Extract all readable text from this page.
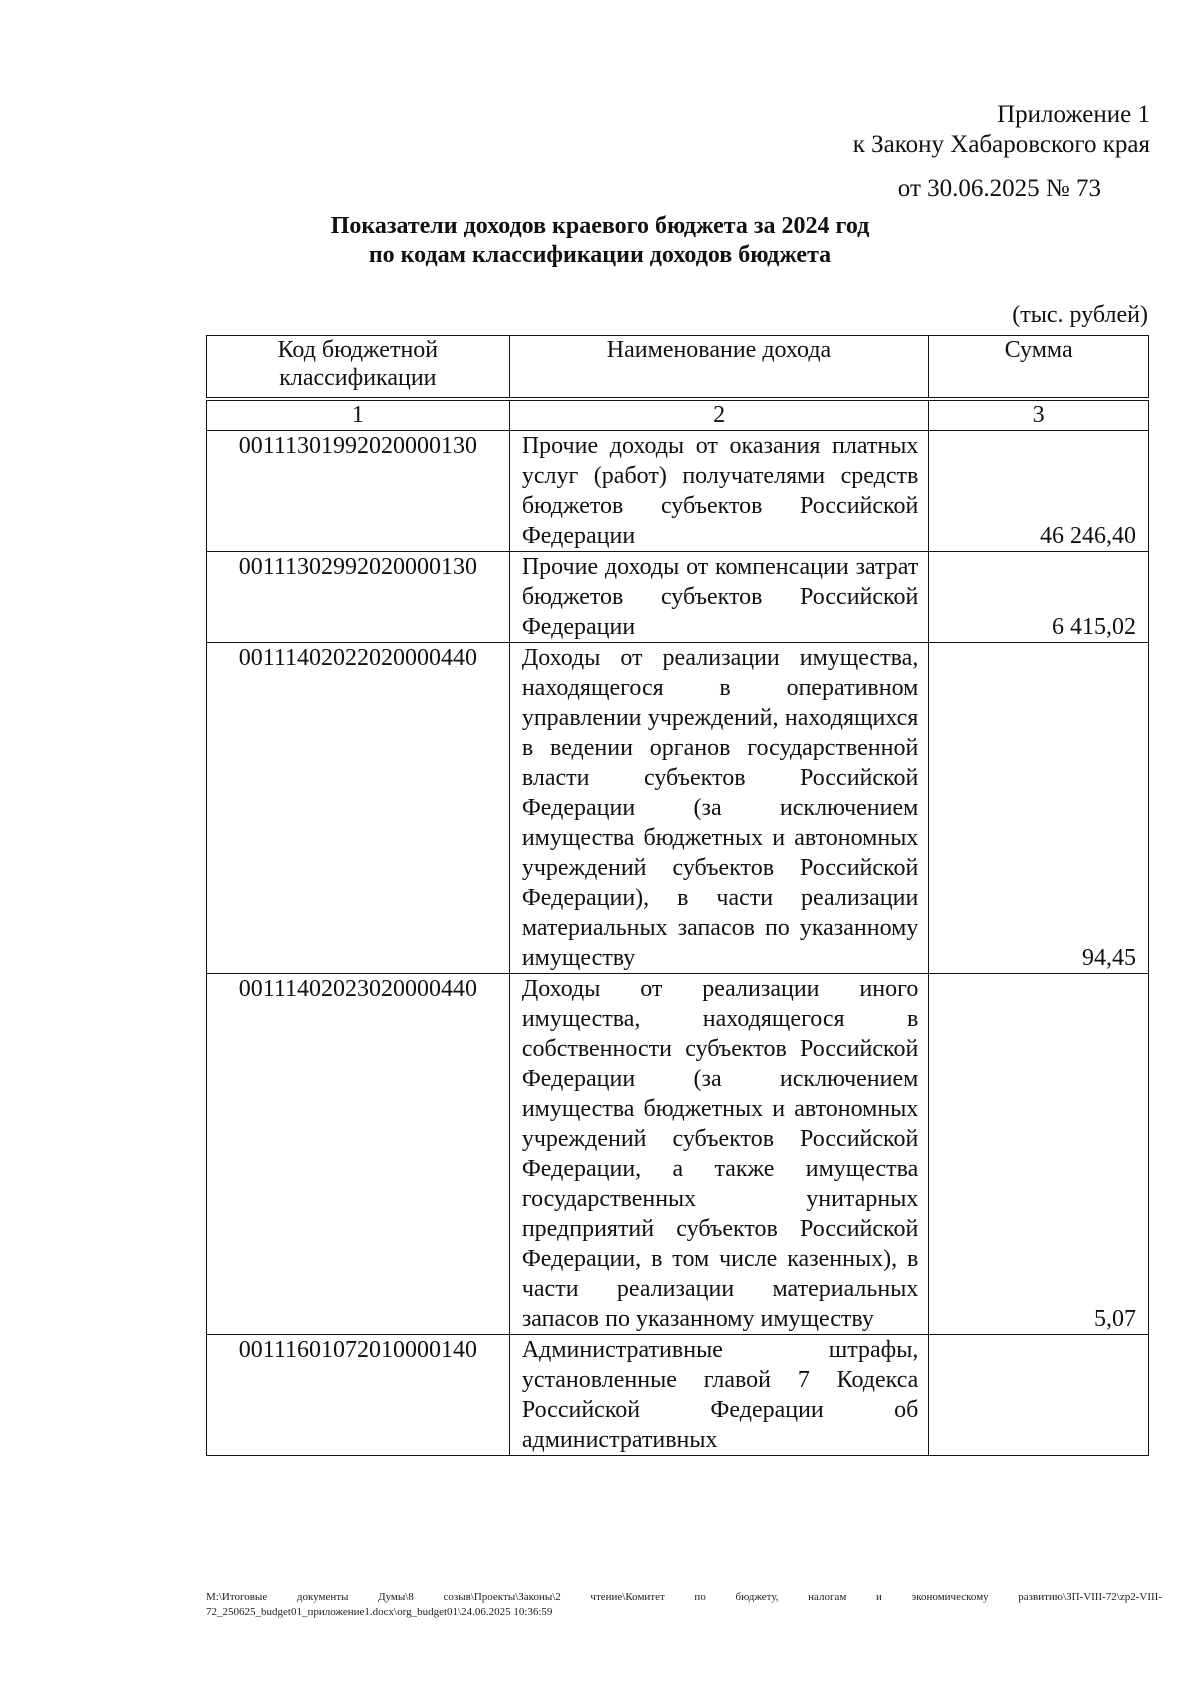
Приложение 1
к Закону Хабаровского края
от 30.06.2025 № 73
Показатели доходов краевого бюджета за 2024 год
по кодам классификации доходов бюджета
(тыс. рублей)
Код бюджетной классификации	Наименование дохода	Сумма
1	2	3
00111301992020000130	Прочие доходы от оказания платных услуг (работ) получателями средств бюджетов субъектов Российской Федерации	46 246,40
00111302992020000130	Прочие доходы от компенсации затрат бюджетов субъектов Российской Федерации	6 415,02
00111402022020000440	Доходы от реализации имущества, находящегося в оперативном управлении учреждений, находящихся в ведении органов государственной власти субъектов Российской Федерации (за исключением имущества бюджетных и автономных учреждений субъектов Российской Федерации), в части реализации материальных запасов по указанному имуществу	94,45
00111402023020000440	Доходы от реализации иного имущества, находящегося в собственности субъектов Российской Федерации (за исключением имущества бюджетных и автономных учреждений субъектов Российской Федерации, а также имущества государственных унитарных предприятий субъектов Российской Федерации, в том числе казенных), в части реализации материальных запасов по указанному имуществу	5,07
00111601072010000140	Административные штрафы, установленные главой 7 Кодекса Российской Федерации об административных	
M:\Итоговые документы Думы\8 созыв\Проекты\Законы\2 чтение\Комитет по бюджету, налогам и экономическому развитию\ЗП-VIII-72\zp2-VIII-72_250625_budget01_приложение1.docx\org_budget01\24.06.2025 10:36:59
